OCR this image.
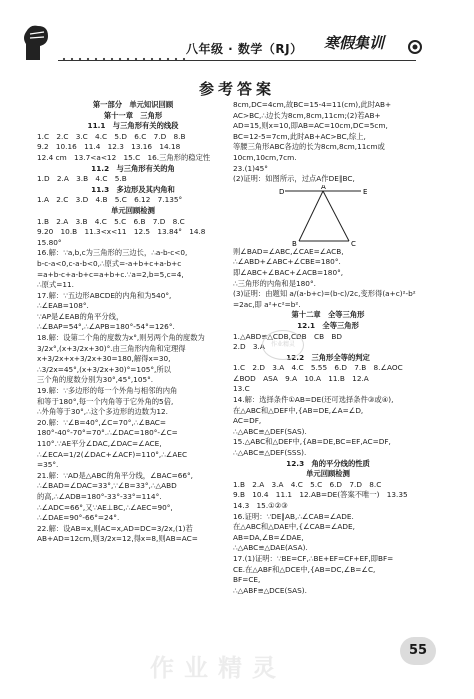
八年级 · 数学（RJ） 寒假集训
参考答案
第一部分　单元知识回顾
第十一章　三角形
11.1　与三角形有关的线段
1.C　2.C　3.C　4.C　5.D　6.C　7.D　8.B
9.2　10.16　11.4　12.3　13.16　14.18
12.4 cm　13.7<a<12　15.C　16.三角形的稳定性
11.2　与三角形有关的角
1.D　2.A　3.B　4.C　5.B
11.3　多边形及其内角和
1.A　2.C　3.D　4.B　5.C　6.12　7.135°
单元回顾检测
1.B　2.A　3.B　4.C　5.C　6.B　7.D　8.C
9.20　10.B　11.3<x<11　12.5　13.84°　14.8
15.80°
16.解：∵a,b,c为三角形的三边长，∴a-b-c<0,
b-c-a<0,c-a-b<0,∴原式=-a+b+c+a-b+c
=a+b-c+a-b+c=a+b+c.∵a=2,b=5,c=4,
∴原式=11.
17.解：∵五边形ABCDE的内角和为540°,
∴∠EAB=108°.
∵AP是∠EAB的角平分线，
∴∠BAP=54°,∴∠APB=180°-54°=126°.
18.解：设第二个角的度数为x°,则另两个角的度数为
3/2x°,(x+3/2x+30)°.由三角形内角和定理得
x+3/2x+x+3/2x+30=180,解得x=30,
∴3/2x=45°,(x+3/2x+30)°=105°,所以
三个角的度数分别为30°,45°,105°.
19.解：∵多边形的每一个外角与相邻的内角
和等于180°,每一个内角等于它外角的5倍,
∴外角等于30°,∴这个多边形的边数为12.
20.解：∵∠B=40°,∠C=70°,∴∠BAC=
180°-40°-70°=70°.∴∠DAC=180°-∠C=
110°.∵AE平分∠DAC,∠DAC=∠ACE,
∴∠ECA=1/2(∠DAC+∠ACF)=110°,∴∠AEC
=35°.
21.解：∵AD是△ABC的角平分线，∠BAC=66°,
∴∠BAD=∠DAC=33°,∵∠B=33°,∴△ABD
的高,∴∠ADB=180°-33°-33°=114°.
∴∠ADC=66°,又∵AE⊥BC,∴∠AEC=90°,
∴∠DAE=90°-66°=24°.
22.解：设AB=x,则AC=x,AD=DC=3/2x,(1)若
AB+AD=12cm,则3/2x=12,得x=8,则AB=AC=
8cm,DC=4cm,故BC=15-4=11(cm),此时AB+
AC>BC,∴边长为8cm,8cm,11cm;(2)若AB+
AD=15,则x=10,即AB=AC=10cm,DC=5cm,
BC=12-5=7cm,此时AB+AC>BC,综上,
等腰三角形ABC各边的长为8cm,8cm,11cm或
10cm,10cm,7cm.
23.(1)45°
(2)证明：如图所示，过点A作DE∥BC,
D
A
E
B	C
则∠BAD=∠ABC,∠CAE=∠ACB,
∴∠ABD+∠ABC+∠CBE=180°.
即∠ABC+∠BAC+∠ACB=180°,
∴三角形的内角和是180°.
(3)证明：由题知 a/(a-b+c)=(b-c)/2c,变形得(a+c)²-b²
=2ac,即 a²+c²=b².
第十二章　全等三角形
12.1　全等三角形
1.△ABD≌△CDB,CDB　CB　BD
2.D　3.A
12.2　三角形全等的判定
1.C　2.D　3.A　4.C　5.55　6.D　7.B　8.∠AOC
∠BOD　ASA　9.A　10.A　11.B　12.A
13.C
14.解：选择条件①AB=DE(还可选择条件③或④),
在△ABC和△DEF中,{AB=DE,∠A=∠D,
AC=DF,
∴△ABC≌△DEF(SAS).
15.△ABC和△DEF中,{AB=DE,BC=EF,AC=DF,
∴△ABC≌△DEF(SSS).
12.3　角的平分线的性质
单元回顾检测
1.B　2.A　3.A　4.C　5.C　6.D　7.D　8.C
9.B　10.4　11.1　12.AB=DE(答案不唯一)　13.35
14.3　15.①②③
16.证明：∵DE∥AB,∴∠CAB=∠ADE.
在△ABC和△DAE中,{∠CAB=∠ADE,
AB=DA,∠B=∠DAE,
∴△ABC≌△DAE(ASA).
17.(1)证明：∵BE=CF,∴BE+EF=CF+EF,即BF=
CE.在△ABF和△DCE中,{AB=DC,∠B=∠C,
BF=CE,
∴△ABF≌△DCE(SAS).
作业精灵
作业精灵
55
